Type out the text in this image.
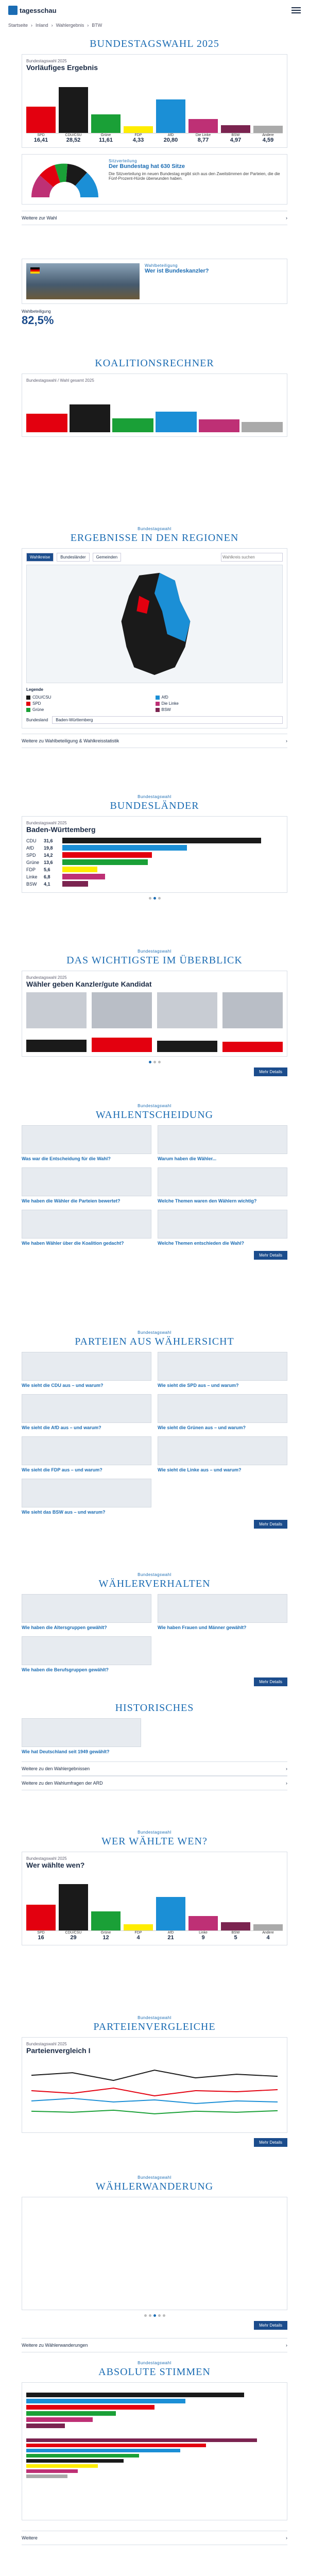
tagesschau
Startseite › Inland › Wahlergebnis › BTW
BUNDESTAGSWAHL 2025
Bundestagswahl 2025
Vorläufiges Ergebnis
SPD	CDU/CSU	Grüne	FDP	AfD	Die Linke	BSW	Andere
16,41	28,52	11,61	4,33	20,80	8,77	4,97	4,59
Sitzverteilung
Der Bundestag hat 630 Sitze
Die Sitzverteilung im neuen Bundestag ergibt sich aus den Zweitstimmen der Parteien, die die Fünf-Prozent-Hürde überwunden haben.
Weitere zur Wahl	›
Wahlbeteiligung
Wer ist Bundeskanzler?
Wahlbeteiligung
82,5%
KOALITIONSRECHNER
Bundestagswahl / Wahl gesamt 2025
Bundestagswahl
ERGEBNISSE IN DEN REGIONEN
Wahlkreise	Bundesländer	Gemeinden
Wahlkreis suchen
Legende
CDU/CSU	AfD
SPD	Die Linke
Grüne	BSW
Bundesland	Baden-Württemberg
Weitere zu Wahlbeteiligung & Wahlkreisstatistik	›
Bundestagswahl
BUNDESLÄNDER
Bundestagswahl 2025
Baden-Württemberg
CDU	31,6
AfD	19,8
SPD	14,2
Grüne 13,6
FDP	5,6
Linke	6,8
BSW	4,1
Bundestagswahl
DAS WICHTIGSTE IM ÜBERBLICK
Bundestagswahl 2025
Wähler geben Kanzler/gute Kandidat
Mehr Details
Bundestagswahl
WAHLENTSCHEIDUNG
Was war die Entscheidung für die Wahl?	Warum haben die Wähler...
Wie haben die Wähler die Parteien bewertet?	Welche Themen waren den Wählern wichtig?
Wie haben Wähler über die Koalition gedacht?	Welche Themen entschieden die Wahl?
Mehr Details
Bundestagswahl
PARTEIEN AUS WÄHLERSICHT
Wie sieht die CDU aus – und warum?	Wie sieht die SPD aus – und warum?
Wie sieht die AfD aus – und warum?	Wie sieht die Grünen aus – und warum?
Wie sieht die FDP aus – und warum?	Wie sieht die Linke aus – und warum?
Wie sieht das BSW aus – und warum?
Mehr Details
Bundestagswahl
WÄHLERVERHALTEN
Wie haben die Altersgruppen gewählt?	Wie haben Frauen und Männer gewählt?
Wie haben die Berufsgruppen gewählt?
Mehr Details
HISTORISCHES
Wie hat Deutschland seit 1949 gewählt?
Weitere zu den Wahlergebnissen	›
Weitere zu den Wahlumfragen der ARD	›
Bundestagswahl
WER WÄHLTE WEN?
Bundestagswahl 2025
Wer wählte wen?
SPD	CDU/CSU	Grüne	FDP	AfD	Linke	BSW	Andere
16	29	12	4	21	9	5	4
Bundestagswahl
PARTEIENVERGLEICHE
Bundestagswahl 2025
Parteienvergleich I
Mehr Details
Bundestagswahl
WÄHLERWANDERUNG
Mehr Details
Weitere zu Wählerwanderungen	›
Bundestagswahl
ABSOLUTE STIMMEN
Weitere	›
